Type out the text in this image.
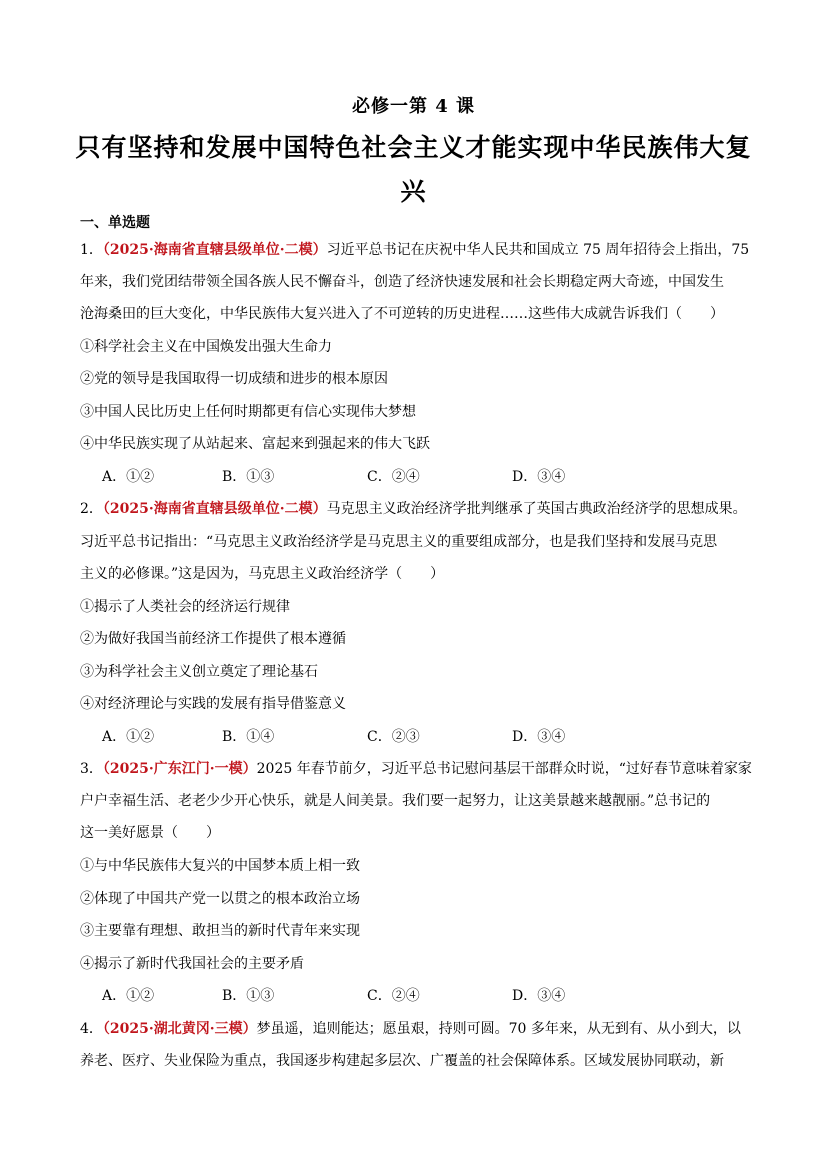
必修一第 4 课
只有坚持和发展中国特色社会主义才能实现中华民族伟大复
兴
一、单选题
1．（2025·海南省直辖县级单位·二模）习近平总书记在庆祝中华人民共和国成立 75 周年招待会上指出，75
年来，我们党团结带领全国各族人民不懈奋斗，创造了经济快速发展和社会长期稳定两大奇迹，中国发生
沧海桑田的巨大变化，中华民族伟大复兴进入了不可逆转的历史进程……这些伟大成就告诉我们（　　）
①科学社会主义在中国焕发出强大生命力
②党的领导是我国取得一切成绩和进步的根本原因
③中国人民比历史上任何时期都更有信心实现伟大梦想
④中华民族实现了从站起来、富起来到强起来的伟大飞跃
A．①②	B．①③	C．②④	D．③④
2．（2025·海南省直辖县级单位·二模）马克思主义政治经济学批判继承了英国古典政治经济学的思想成果。
习近平总书记指出：“马克思主义政治经济学是马克思主义的重要组成部分，也是我们坚持和发展马克思
主义的必修课。”这是因为，马克思主义政治经济学（　　）
①揭示了人类社会的经济运行规律
②为做好我国当前经济工作提供了根本遵循
③为科学社会主义创立奠定了理论基石
④对经济理论与实践的发展有指导借鉴意义
A．①②	B．①④	C．②③	D．③④
3．（2025·广东江门·一模）2025 年春节前夕，习近平总书记慰问基层干部群众时说，“过好春节意味着家家
户户幸福生活、老老少少开心快乐，就是人间美景。我们要一起努力，让这美景越来越靓丽。”总书记的
这一美好愿景（　　）
①与中华民族伟大复兴的中国梦本质上相一致
②体现了中国共产党一以贯之的根本政治立场
③主要靠有理想、敢担当的新时代青年来实现
④揭示了新时代我国社会的主要矛盾
A．①②	B．①③	C．②④	D．③④
4．（2025·湖北黄冈·三模）梦虽遥，追则能达；愿虽艰，持则可圆。70 多年来，从无到有、从小到大，以
养老、医疗、失业保险为重点，我国逐步构建起多层次、广覆盖的社会保障体系。区域发展协同联动，新
